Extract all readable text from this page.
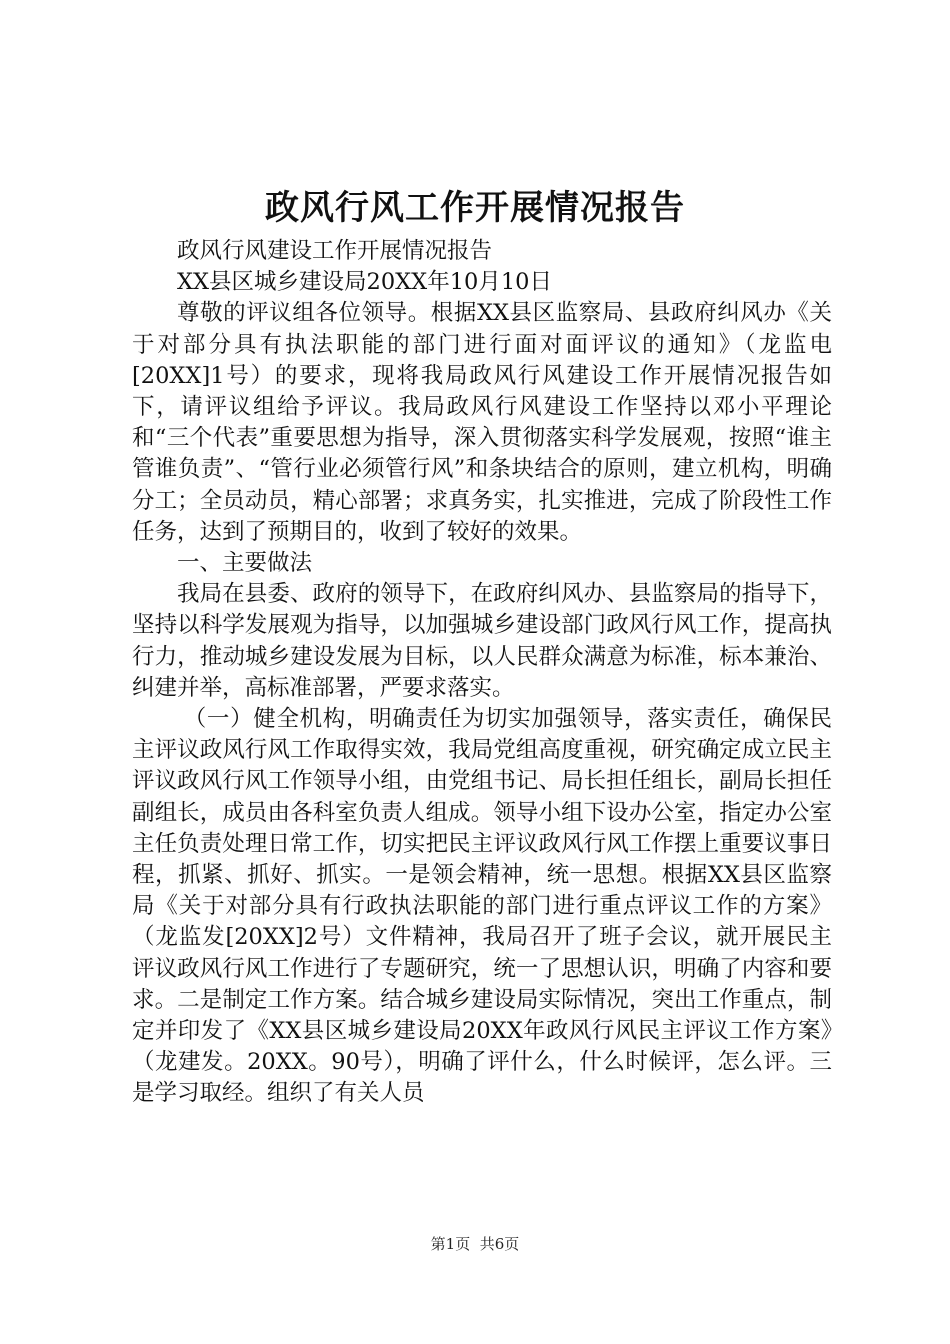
政风行风工作开展情况报告

政风行风建设工作开展情况报告

XX县区城乡建设局20XX年10月10日

尊敬的评议组各位领导。根据XX县区监察局、县政府纠风办《关于对部分具有执法职能的部门进行面对面评议的通知》（龙监电[20XX]1号）的要求，现将我局政风行风建设工作开展情况报告如下，请评议组给予评议。我局政风行风建设工作坚持以邓小平理论和“三个代表”重要思想为指导，深入贯彻落实科学发展观，按照“谁主管谁负责”、“管行业必须管行风”和条块结合的原则，建立机构，明确分工；全员动员，精心部署；求真务实，扎实推进，完成了阶段性工作任务，达到了预期目的，收到了较好的效果。

一、主要做法

我局在县委、政府的领导下，在政府纠风办、县监察局的指导下，坚持以科学发展观为指导，以加强城乡建设部门政风行风工作，提高执行力，推动城乡建设发展为目标，以人民群众满意为标准，标本兼治、纠建并举，高标准部署，严要求落实。

（一）健全机构，明确责任为切实加强领导，落实责任，确保民主评议政风行风工作取得实效，我局党组高度重视，研究确定成立民主评议政风行风工作领导小组，由党组书记、局长担任组长，副局长担任副组长，成员由各科室负责人组成。领导小组下设办公室，指定办公室主任负责处理日常工作，切实把民主评议政风行风工作摆上重要议事日程，抓紧、抓好、抓实。一是领会精神，统一思想。根据XX县区监察局《关于对部分具有行政执法职能的部门进行重点评议工作的方案》（龙监发[20XX]2号）文件精神，我局召开了班子会议，就开展民主评议政风行风工作进行了专题研究，统一了思想认识，明确了内容和要求。二是制定工作方案。结合城乡建设局实际情况，突出工作重点，制定并印发了《XX县区城乡建设局20XX年政风行风民主评议工作方案》（龙建发。20XX。90号），明确了评什么，什么时候评，怎么评。三是学习取经。组织了有关人员

第1页 共6页
